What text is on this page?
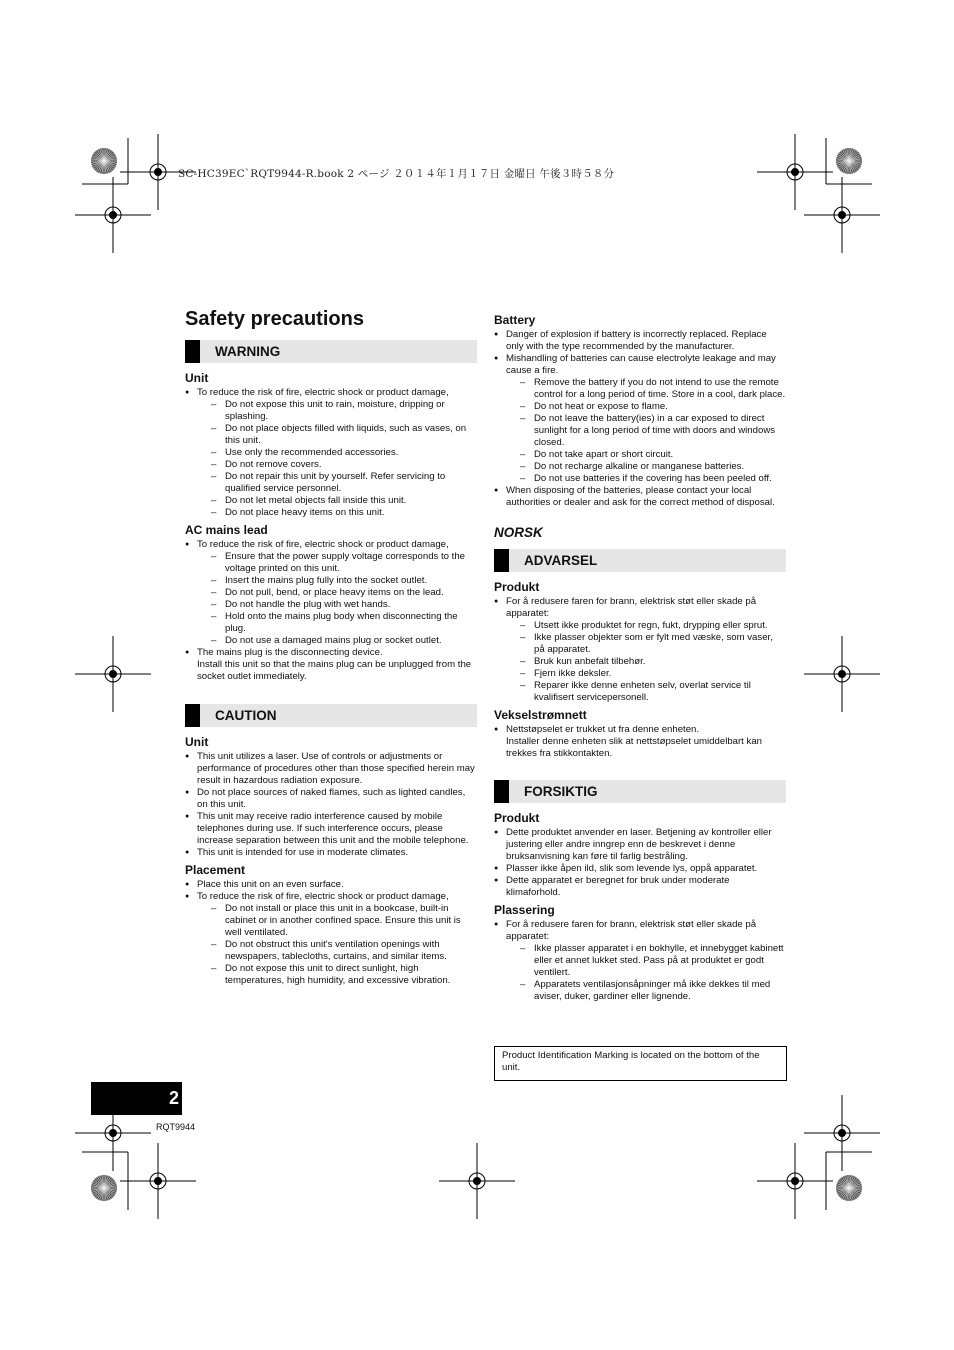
SC-HC39EC`RQT9944-R.book 2 ページ ２０１４年１月１７日 金曜日 午後３時５８分
Safety precautions
WARNING
Unit
● To reduce the risk of fire, electric shock or product damage,
– Do not expose this unit to rain, moisture, dripping or splashing.
– Do not place objects filled with liquids, such as vases, on this unit.
– Use only the recommended accessories.
– Do not remove covers.
– Do not repair this unit by yourself. Refer servicing to qualified service personnel.
– Do not let metal objects fall inside this unit.
– Do not place heavy items on this unit.
AC mains lead
● To reduce the risk of fire, electric shock or product damage,
– Ensure that the power supply voltage corresponds to the voltage printed on this unit.
– Insert the mains plug fully into the socket outlet.
– Do not pull, bend, or place heavy items on the lead.
– Do not handle the plug with wet hands.
– Hold onto the mains plug body when disconnecting the plug.
– Do not use a damaged mains plug or socket outlet.
● The mains plug is the disconnecting device.
Install this unit so that the mains plug can be unplugged from the socket outlet immediately.
CAUTION
Unit
● This unit utilizes a laser. Use of controls or adjustments or performance of procedures other than those specified herein may result in hazardous radiation exposure.
● Do not place sources of naked flames, such as lighted candles, on this unit.
● This unit may receive radio interference caused by mobile telephones during use. If such interference occurs, please increase separation between this unit and the mobile telephone.
● This unit is intended for use in moderate climates.
Placement
● Place this unit on an even surface.
● To reduce the risk of fire, electric shock or product damage,
– Do not install or place this unit in a bookcase, built-in cabinet or in another confined space. Ensure this unit is well ventilated.
– Do not obstruct this unit's ventilation openings with newspapers, tablecloths, curtains, and similar items.
– Do not expose this unit to direct sunlight, high temperatures, high humidity, and excessive vibration.
Battery
● Danger of explosion if battery is incorrectly replaced. Replace only with the type recommended by the manufacturer.
● Mishandling of batteries can cause electrolyte leakage and may cause a fire.
– Remove the battery if you do not intend to use the remote control for a long period of time. Store in a cool, dark place.
– Do not heat or expose to flame.
– Do not leave the battery(ies) in a car exposed to direct sunlight for a long period of time with doors and windows closed.
– Do not take apart or short circuit.
– Do not recharge alkaline or manganese batteries.
– Do not use batteries if the covering has been peeled off.
● When disposing of the batteries, please contact your local authorities or dealer and ask for the correct method of disposal.
NORSK
ADVARSEL
Produkt
● For å redusere faren for brann, elektrisk støt eller skade på apparatet:
– Utsett ikke produktet for regn, fukt, drypping eller sprut.
– Ikke plasser objekter som er fylt med væske, som vaser, på apparatet.
– Bruk kun anbefalt tilbehør.
– Fjern ikke deksler.
– Reparer ikke denne enheten selv, overlat service til kvalifisert servicepersonell.
Vekselstrømnett
● Nettstøpselet er trukket ut fra denne enheten.
Installer denne enheten slik at nettstøpselet umiddelbart kan trekkes fra stikkontakten.
FORSIKTIG
Produkt
● Dette produktet anvender en laser. Betjening av kontroller eller justering eller andre inngrep enn de beskrevet i denne bruksanvisning kan føre til farlig bestråling.
● Plasser ikke åpen ild, slik som levende lys, oppå apparatet.
● Dette apparatet er beregnet for bruk under moderate klimaforhold.
Plassering
● For å redusere faren for brann, elektrisk støt eller skade på apparatet:
– Ikke plasser apparatet i en bokhylle, et innebygget kabinett eller et annet lukket sted. Pass på at produktet er godt ventilert.
– Apparatets ventilasjonsåpninger må ikke dekkes til med aviser, duker, gardiner eller lignende.
Product Identification Marking is located on the bottom of the unit.
2
RQT9944
